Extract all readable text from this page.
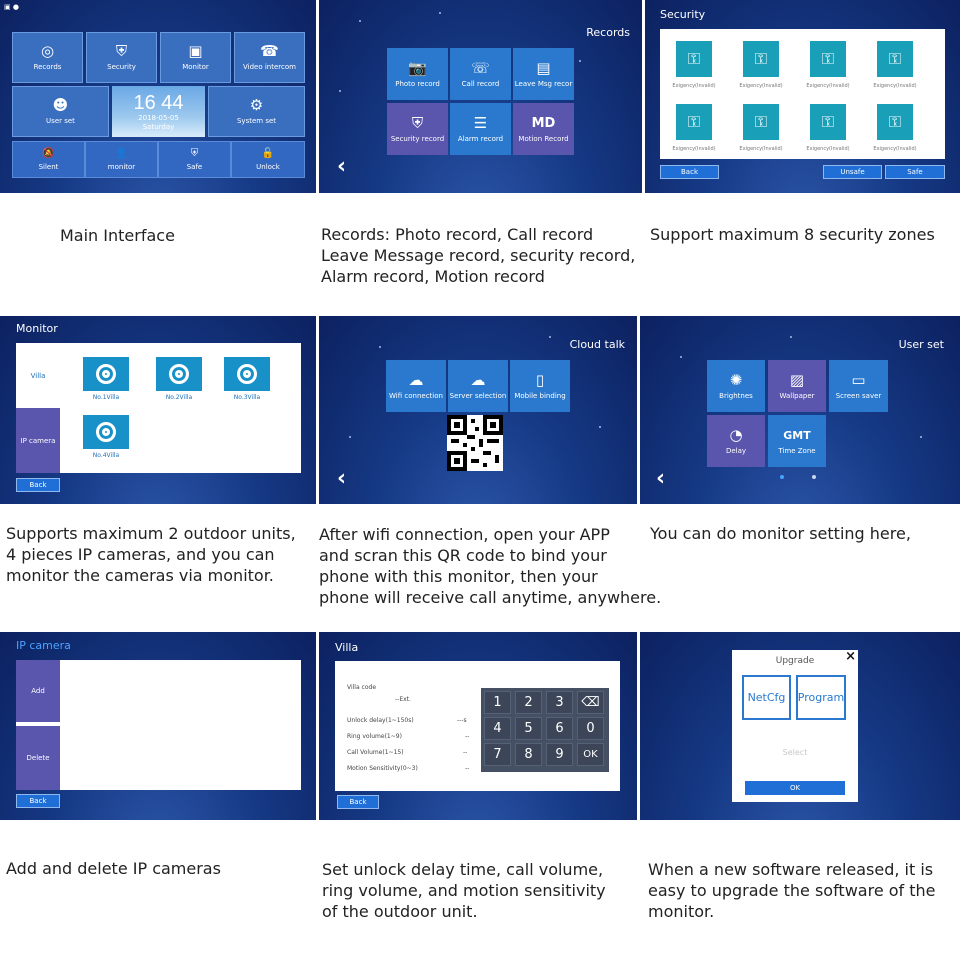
▣ ●
◎
Records
⛨
Security
▣
Monitor
☎
Video intercom
☻
User set
16 44
2018-05-05
Saturday
⚙
System set
🔕
Silent
👤
monitor
⛨
Safe
🔓
Unlock
Main Interface
Records
📷
Photo record
☏
Call record
▤
Leave Msg recor
⛨
Security record
☰
Alarm record
MD
Motion Record
‹
Records: Photo record, Call record
Leave Message record, security record,
Alarm record, Motion record
Security
⚿	⚿	⚿	⚿
Exigency(Invalid)	Exigency(Invalid)	Exigency(Invalid)	Exigency(Invalid)
⚿	⚿	⚿	⚿
Exigency(Invalid)	Exigency(Invalid)	Exigency(Invalid)	Exigency(Invalid)
Back	Unsafe	Safe
Support maximum 8 security zones
Monitor
Villa
IP camera
No.1Villa	No.2Villa	No.3Villa
No.4Villa
Back
Supports maximum 2 outdoor units,
4 pieces IP cameras, and you can
monitor the cameras via monitor.
Cloud talk
☁
Wifi connection
☁
Server selection
▯
Mobile binding
‹
After wifi connection, open your APP
and scran this QR code to bind your
phone with this monitor, then your
phone will receive call anytime, anywhere.
User set
✺
Brightnes
▨
Wallpaper
▭
Screen saver
◔
Delay
GMT
Time Zone
‹
You can do monitor setting here,
IP camera
Add
Delete
Back
Add and delete IP cameras
Villa
Villa code
--Ext.
Unlock delay(1~150s)	---s
Ring volume(1~9)	--
Call Volume(1~15)	--
Motion Sensitivity(0~3)	--
1	2	3	⌫
4	5	6	0
7	8	9	OK
Back
Set unlock delay time, call volume,
ring volume, and motion sensitivity
of the outdoor unit.
Upgrade	×
NetCfg	Program
Select
OK
When a new software released, it is
easy to upgrade the software of the
monitor.
